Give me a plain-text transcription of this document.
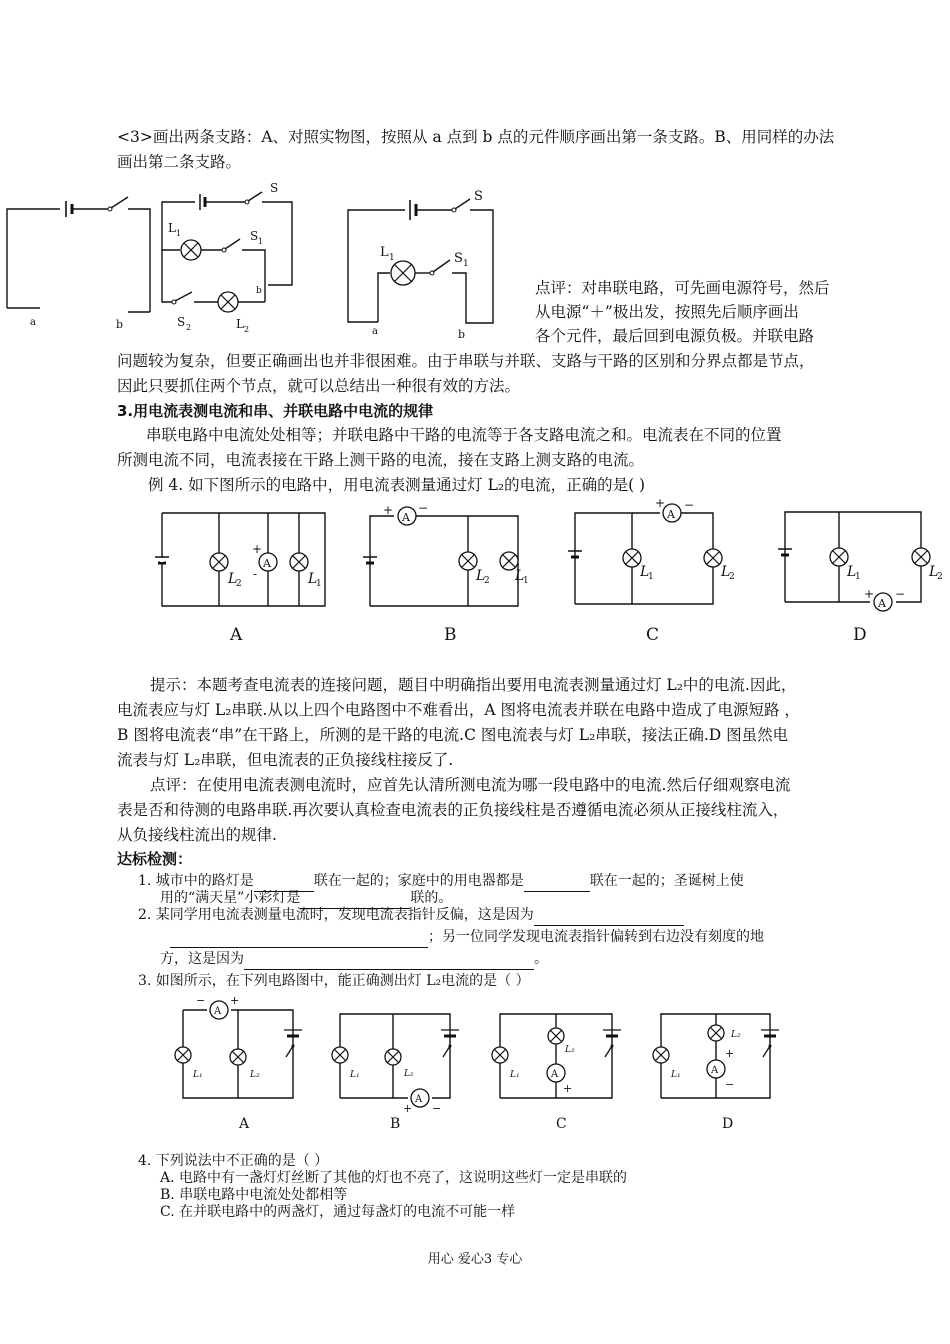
<3>画出两条支路：A、对照实物图，按照从 a 点到 b 点的元件顺序画出第一条支路。B、用同样的办法
画出第二条支路。
a	b
S
L 1	S 1
b
S 2	L 2
S
L 1	S 1
a	b
A
L
2	L
1
+
-
A
L
2 L
1
+ −	A
L
1	L
2
+ −
A
L
1	L
2
+ −
A	B	C	D
A
− +
L₁	L₂
A
+ −
L₁	L₂	A
+
L₁
L₂
A
+
−
L₁
L₂
A	B	C	D
点评：对串联电路，可先画电源符号，然后
从电源“＋”极出发，按照先后顺序画出
各个元件，最后回到电源负极。并联电路
问题较为复杂，但要正确画出也并非很困难。由于串联与并联、支路与干路的区别和分界点都是节点，
因此只要抓住两个节点，就可以总结出一种很有效的方法。
3.用电流表测电流和串、并联电路中电流的规律
串联电路中电流处处相等；并联电路中干路的电流等于各支路电流之和。电流表在不同的位置
所测电流不同，电流表接在干路上测干路的电流，接在支路上测支路的电流。
例 4. 如下图所示的电路中，用电流表测量通过灯 L₂的电流，正确的是( )
提示：本题考查电流表的连接问题，题目中明确指出要用电流表测量通过灯 L₂中的电流.因此，
电流表应与灯 L₂串联.从以上四个电路图中不难看出，A 图将电流表并联在电路中造成了电源短路 ，
B 图将电流表“串”在干路上，所测的是干路的电流.C 图电流表与灯 L₂串联，接法正确.D 图虽然电
流表与灯 L₂串联，但电流表的正负接线柱接反了.
点评：在使用电流表测电流时，应首先认清所测电流为哪一段电路中的电流.然后仔细观察电流
表是否和待测的电路串联.再次要认真检查电流表的正负接线柱是否遵循电流必须从正接线柱流入，
从负接线柱流出的规律.
达标检测：
1. 城市中的路灯是	联在一起的；家庭中的用电器都是	联在一起的；圣诞树上使
用的“满天星”小彩灯是	联的。
2. 某同学用电流表测量电流时，发现电流表指针反偏，这是因为
；另一位同学发现电流表指针偏转到右边没有刻度的地
方，这是因为	。
3. 如图所示，在下列电路图中，能正确测出灯 L₂电流的是（ ）
4. 下列说法中不正确的是（ ）
A. 电路中有一盏灯灯丝断了其他的灯也不亮了，这说明这些灯一定是串联的
B. 串联电路中电流处处都相等
C. 在并联电路中的两盏灯，通过每盏灯的电流不可能一样
用心 爱心3 专心
